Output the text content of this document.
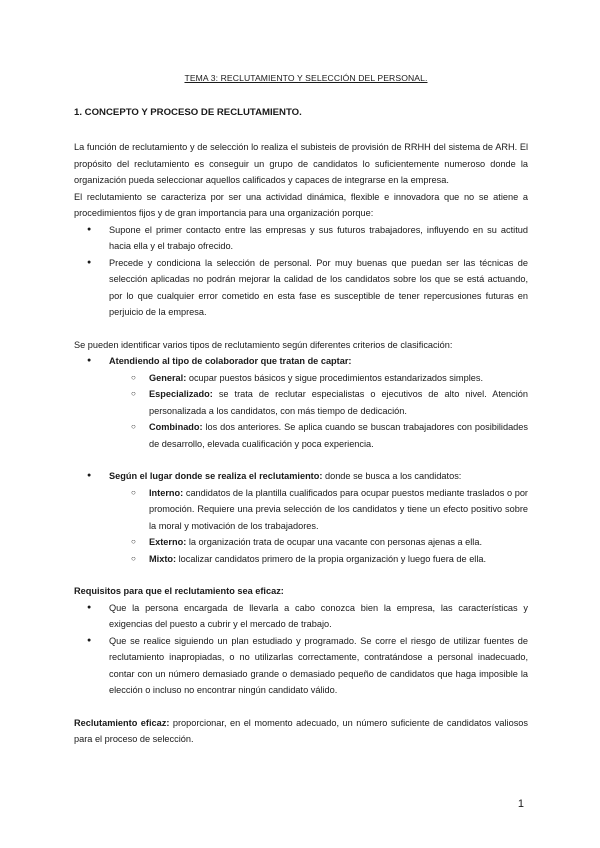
TEMA 3: RECLUTAMIENTO Y SELECCIÓN DEL PERSONAL.
1. CONCEPTO Y PROCESO DE RECLUTAMIENTO.

La función de reclutamiento y de selección lo realiza el subisteis de provisión de RRHH del sistema de ARH. El propósito del reclutamiento es conseguir un grupo de candidatos lo suficientemente numeroso donde la organización pueda seleccionar aquellos calificados y capaces de integrarse en la empresa.

El reclutamiento se caracteriza por ser una actividad dinámica, flexible e innovadora que no se atiene a procedimientos fijos y de gran importancia para una organización porque:

● Supone el primer contacto entre las empresas y sus futuros trabajadores, influyendo en su actitud hacia ella y el trabajo ofrecido.
● Precede y condiciona la selección de personal. Por muy buenas que puedan ser las técnicas de selección aplicadas no podrán mejorar la calidad de los candidatos sobre los que se está actuando, por lo que cualquier error cometido en esta fase es susceptible de tener repercusiones futuras en perjuicio de la empresa.

Se pueden identificar varios tipos de reclutamiento según diferentes criterios de clasificación:

● Atendiendo al tipo de colaborador que tratan de captar:
○ General: ocupar puestos básicos y sigue procedimientos estandarizados simples.
○ Especializado: se trata de reclutar especialistas o ejecutivos de alto nivel. Atención personalizada a los candidatos, con más tiempo de dedicación.
○ Combinado: los dos anteriores. Se aplica cuando se buscan trabajadores con posibilidades de desarrollo, elevada cualificación y poca experiencia.
● Según el lugar donde se realiza el reclutamiento: donde se busca a los candidatos:
○ Interno: candidatos de la plantilla cualificados para ocupar puestos mediante traslados o por promoción. Requiere una previa selección de los candidatos y tiene un efecto positivo sobre la moral y motivación de los trabajadores.
○ Externo: la organización trata de ocupar una vacante con personas ajenas a ella.
○ Mixto: localizar candidatos primero de la propia organización y luego fuera de ella.

Requisitos para que el reclutamiento sea eficaz:

● Que la persona encargada de llevarla a cabo conozca bien la empresa, las características y exigencias del puesto a cubrir y el mercado de trabajo.
● Que se realice siguiendo un plan estudiado y programado. Se corre el riesgo de utilizar fuentes de reclutamiento inapropiadas, o no utilizarlas correctamente, contratándose a personal inadecuado, contar con un número demasiado grande o demasiado pequeño de candidatos que haga imposible la elección o incluso no encontrar ningún candidato válido.

Reclutamiento eficaz: proporcionar, en el momento adecuado, un número suficiente de candidatos valiosos para el proceso de selección.

1
